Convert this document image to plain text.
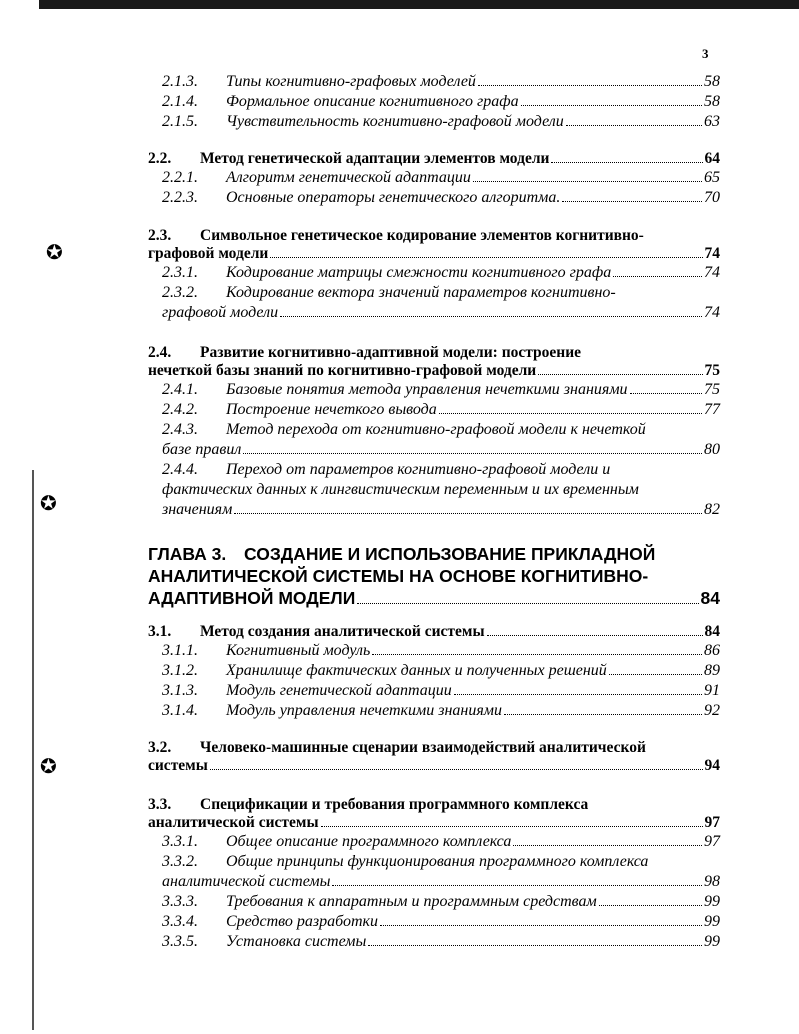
✪
✪
✪
3
2.1.3.	Типы когнитивно-графовых моделей	58
2.1.4.	Формальное описание когнитивного графа	58
2.1.5.	Чувствительность когнитивно-графовой модели	63
2.2.	Метод генетической адаптации элементов модели	64
2.2.1.	Алгоритм генетической адаптации	65
2.2.3.	Основные операторы генетического алгоритма.	70
2.3.	Символьное генетическое кодирование элементов когнитивно-
графовой модели	74
2.3.1.	Кодирование матрицы смежности когнитивного графа	74
2.3.2.	Кодирование вектора значений параметров когнитивно-
графовой модели	74
2.4.	Развитие когнитивно-адаптивной модели: построение
нечеткой базы знаний по когнитивно-графовой модели	75
2.4.1.	Базовые понятия метода управления нечеткими знаниями	75
2.4.2.	Построение нечеткого вывода	77
2.4.3.	Метод перехода от когнитивно-графовой модели к нечеткой
базе правил	80
2.4.4.	Переход от параметров когнитивно-графовой модели и
фактических данных к лингвистическим переменным и их временным
значениям	82
ГЛАВА 3.	СОЗДАНИЕ И ИСПОЛЬЗОВАНИЕ ПРИКЛАДНОЙ
АНАЛИТИЧЕСКОЙ СИСТЕМЫ НА ОСНОВЕ КОГНИТИВНО-
АДАПТИВНОЙ МОДЕЛИ	84
3.1.	Метод создания аналитической системы	84
3.1.1.	Когнитивный модуль	86
3.1.2.	Хранилище фактических данных и полученных решений	89
3.1.3.	Модуль генетической адаптации	91
3.1.4.	Модуль управления нечеткими знаниями	92
3.2.	Человеко-машинные сценарии взаимодействий аналитической
системы	94
3.3.	Спецификации и требования программного комплекса
аналитической системы	97
3.3.1.	Общее описание программного комплекса	97
3.3.2.	Общие принципы функционирования программного комплекса
аналитической системы	98
3.3.3.	Требования к аппаратным и программным средствам	99
3.3.4.	Средство разработки	99
3.3.5.	Установка системы	99
